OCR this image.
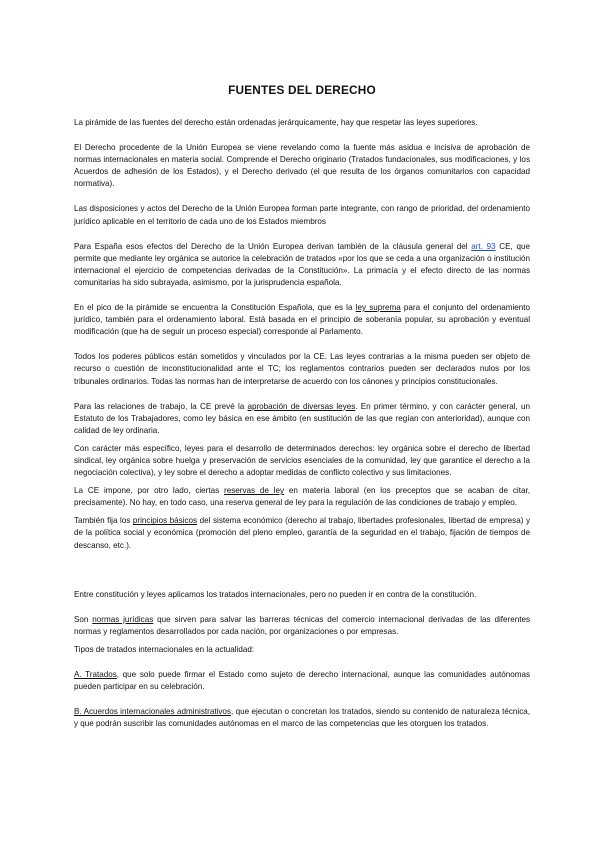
FUENTES DEL DERECHO

La pirámide de las fuentes del derecho están ordenadas jerárquicamente, hay que respetar las leyes superiores.

El Derecho procedente de la Unión Europea se viene revelando como la fuente más asidua e incisiva de aprobación de normas internacionales en materia social. Comprende el Derecho originario (Tratados fundacionales, sus modificaciones, y los Acuerdos de adhesión de los Estados), y el Derecho derivado (el que resulta de los órganos comunitarios con capacidad normativa).

Las disposiciones y actos del Derecho de la Unión Europea forman parte integrante, con rango de prioridad, del ordenamiento jurídico aplicable en el territorio de cada uno de los Estados miembros

Para España esos efectos del Derecho de la Unión Europea derivan también de la cláusula general del art. 93 CE, que permite que mediante ley orgánica se autorice la celebración de tratados «por los que se ceda a una organización o institución internacional el ejercicio de competencias derivadas de la Constitución». La primacía y el efecto directo de las normas comunitarias ha sido subrayada, asimismo, por la jurisprudencia española.

En el pico de la pirámide se encuentra la Constitución Española, que es la ley suprema para el conjunto del ordenamiento jurídico, también para el ordenamiento laboral. Está basada en el principio de soberanía popular, su aprobación y eventual modificación (que ha de seguir un proceso especial) corresponde al Parlamento.

Todos los poderes públicos están sometidos y vinculados por la CE. Las leyes contrarias a la misma pueden ser objeto de recurso o cuestión de inconstitucionalidad ante el TC; los reglamentos contrarios pueden ser declarados nulos por los tribunales ordinarios. Todas las normas han de interpretarse de acuerdo con los cánones y principios constitucionales.

Para las relaciones de trabajo, la CE prevé la aprobación de diversas leyes. En primer término, y con carácter general, un Estatuto de los Trabajadores, como ley básica en ese ámbito (en sustitución de las que regían con anterioridad), aunque con calidad de ley ordinaria.

Con carácter más específico, leyes para el desarrollo de determinados derechos: ley orgánica sobre el derecho de libertad sindical, ley orgánica sobre huelga y preservación de servicios esenciales de la comunidad, ley que garantice el derecho a la negociación colectiva), y ley sobre el derecho a adoptar medidas de conflicto colectivo y sus limitaciones.

La CE impone, por otro lado, ciertas reservas de ley en materia laboral (en los preceptos que se acaban de citar, precisamente). No hay, en todo caso, una reserva general de ley para la regulación de las condiciones de trabajo y empleo.

También fija los principios básicos del sistema económico (derecho al trabajo, libertades profesionales, libertad de empresa) y de la política social y económica (promoción del pleno empleo, garantía de la seguridad en el trabajo, fijación de tiempos de descanso, etc.).

Entre constitución y leyes aplicamos los tratados internacionales, pero no pueden ir en contra de la constitución.

Son normas jurídicas que sirven para salvar las barreras técnicas del comercio internacional derivadas de las diferentes normas y reglamentos desarrollados por cada nación, por organizaciones o por empresas.

Tipos de tratados internacionales en la actualidad:

A. Tratados, que solo puede firmar el Estado como sujeto de derecho internacional, aunque las comunidades autónomas pueden participar en su celebración.

B. Acuerdos internacionales administrativos, que ejecutan o concretan los tratados, siendo su contenido de naturaleza técnica, y que podrán suscribir las comunidades autónomas en el marco de las competencias que les otorguen los tratados.
